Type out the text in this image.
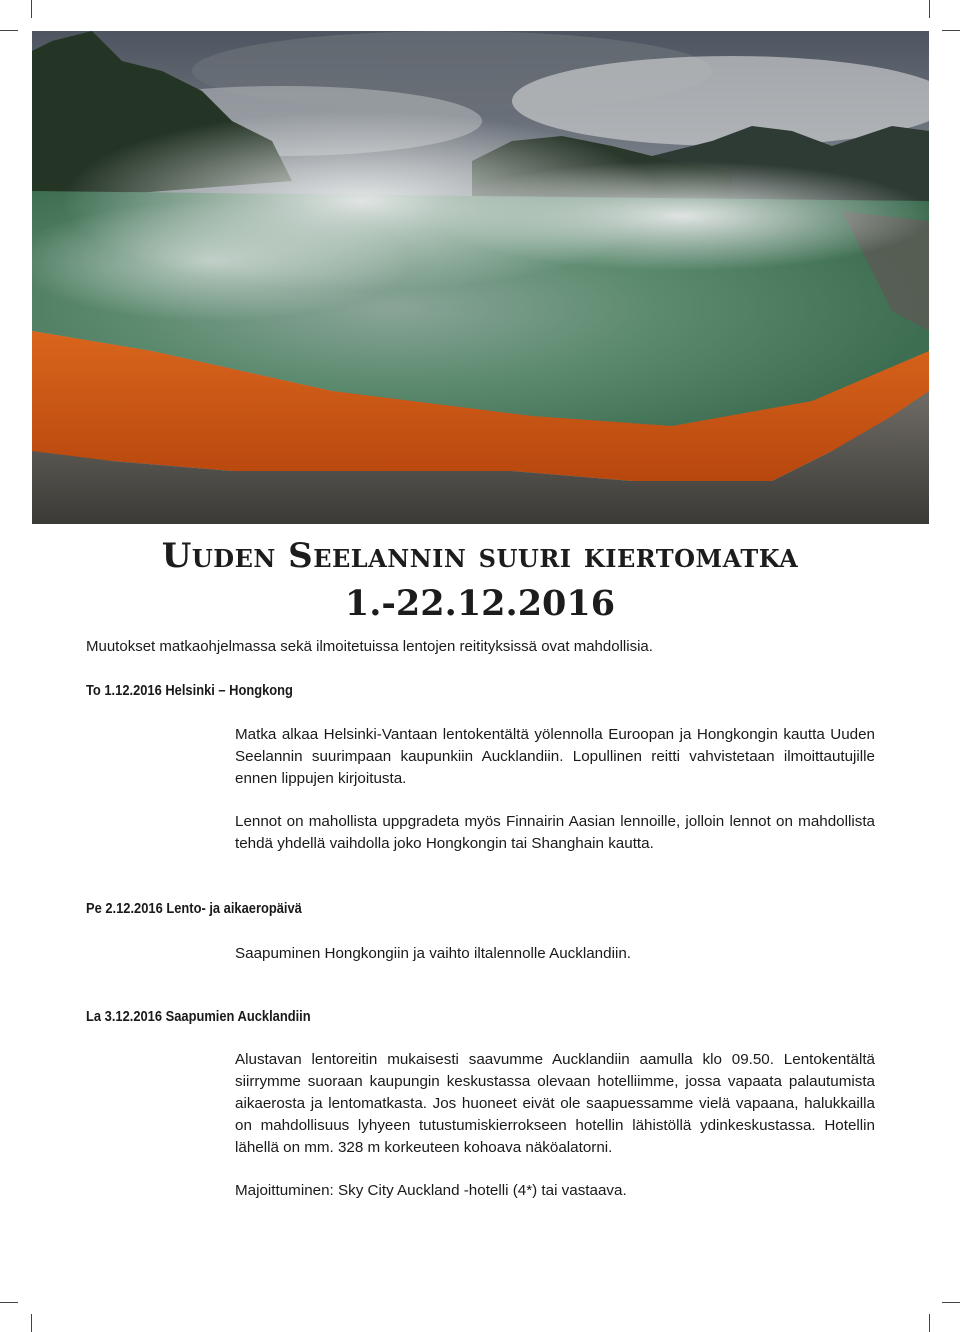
Uuden Seelannin suuri kiertomatka
1.-22.12.2016
Muutokset matkaohjelmassa sekä ilmoitetuissa lentojen reitityksissä ovat mahdollisia.
To 1.12.2016 Helsinki – Hongkong
Matka alkaa Helsinki-Vantaan lentokentältä yölennolla Euroopan ja Hongkongin kautta Uuden Seelannin suurimpaan kaupunkiin Aucklandiin. Lopullinen reitti vahvistetaan ilmoittautujille ennen lippujen kirjoitusta.
Lennot on mahollista uppgradeta myös Finnairin Aasian lennoille, jolloin lennot on mahdollista tehdä yhdellä vaihdolla joko Hongkongin tai Shanghain kautta.
Pe 2.12.2016 Lento- ja aikaeropäivä
Saapuminen Hongkongiin ja vaihto iltalennolle Aucklandiin.
La 3.12.2016 Saapumien Aucklandiin
Alustavan lentoreitin mukaisesti saavumme Aucklandiin aamulla klo 09.50. Lentokentältä siirrymme suoraan kaupungin keskustassa olevaan hotelliimme, jossa vapaata palautumista aikaerosta ja lentomatkasta. Jos huoneet eivät ole saapuessamme vielä vapaana, halukkailla on mahdollisuus lyhyeen tutustumiskierrokseen hotellin lähistöllä ydinkeskustassa. Hotellin lähellä on mm. 328 m korkeuteen kohoava näköalatorni.
Majoittuminen: Sky City Auckland -hotelli (4*) tai vastaava.
